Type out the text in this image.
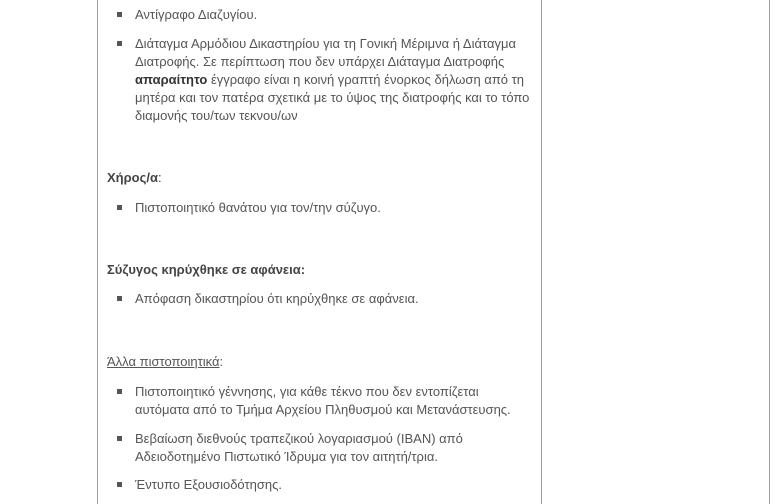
Αντίγραφο Διαζυγίου.
Διάταγμα Αρμόδιου Δικαστηρίου για τη Γονική Μέριμνα ή Διάταγμα Διατροφής. Σε περίπτωση που δεν υπάρχει Διάταγμα Διατροφής απαραίτητο έγγραφο είναι η κοινή γραπτή ένορκος δήλωση από τη μητέρα και τον πατέρα σχετικά με το ύψος της διατροφής και το τόπο διαμονής του/των τεκνου/ων
Χήρος/α:
Πιστοποιητικό θανάτου για τον/την σύζυγο.
Σύζυγος κηρύχθηκε σε αφάνεια:
Απόφαση δικαστηρίου ότι κηρύχθηκε σε αφάνεια.
Άλλα πιστοποιητικά:
Πιστοποιητικό γέννησης, για κάθε τέκνο που δεν εντοπίζεται αυτόματα από το Τμήμα Αρχείου Πληθυσμού και Μετανάστευσης.
Βεβαίωση διεθνούς τραπεζικού λογαριασμού (IBAN) από Αδειοδοτημένο Πιστωτικό Ίδρυμα για τον αιτητή/τρια.
Έντυπο Εξουσιοδότησης.
